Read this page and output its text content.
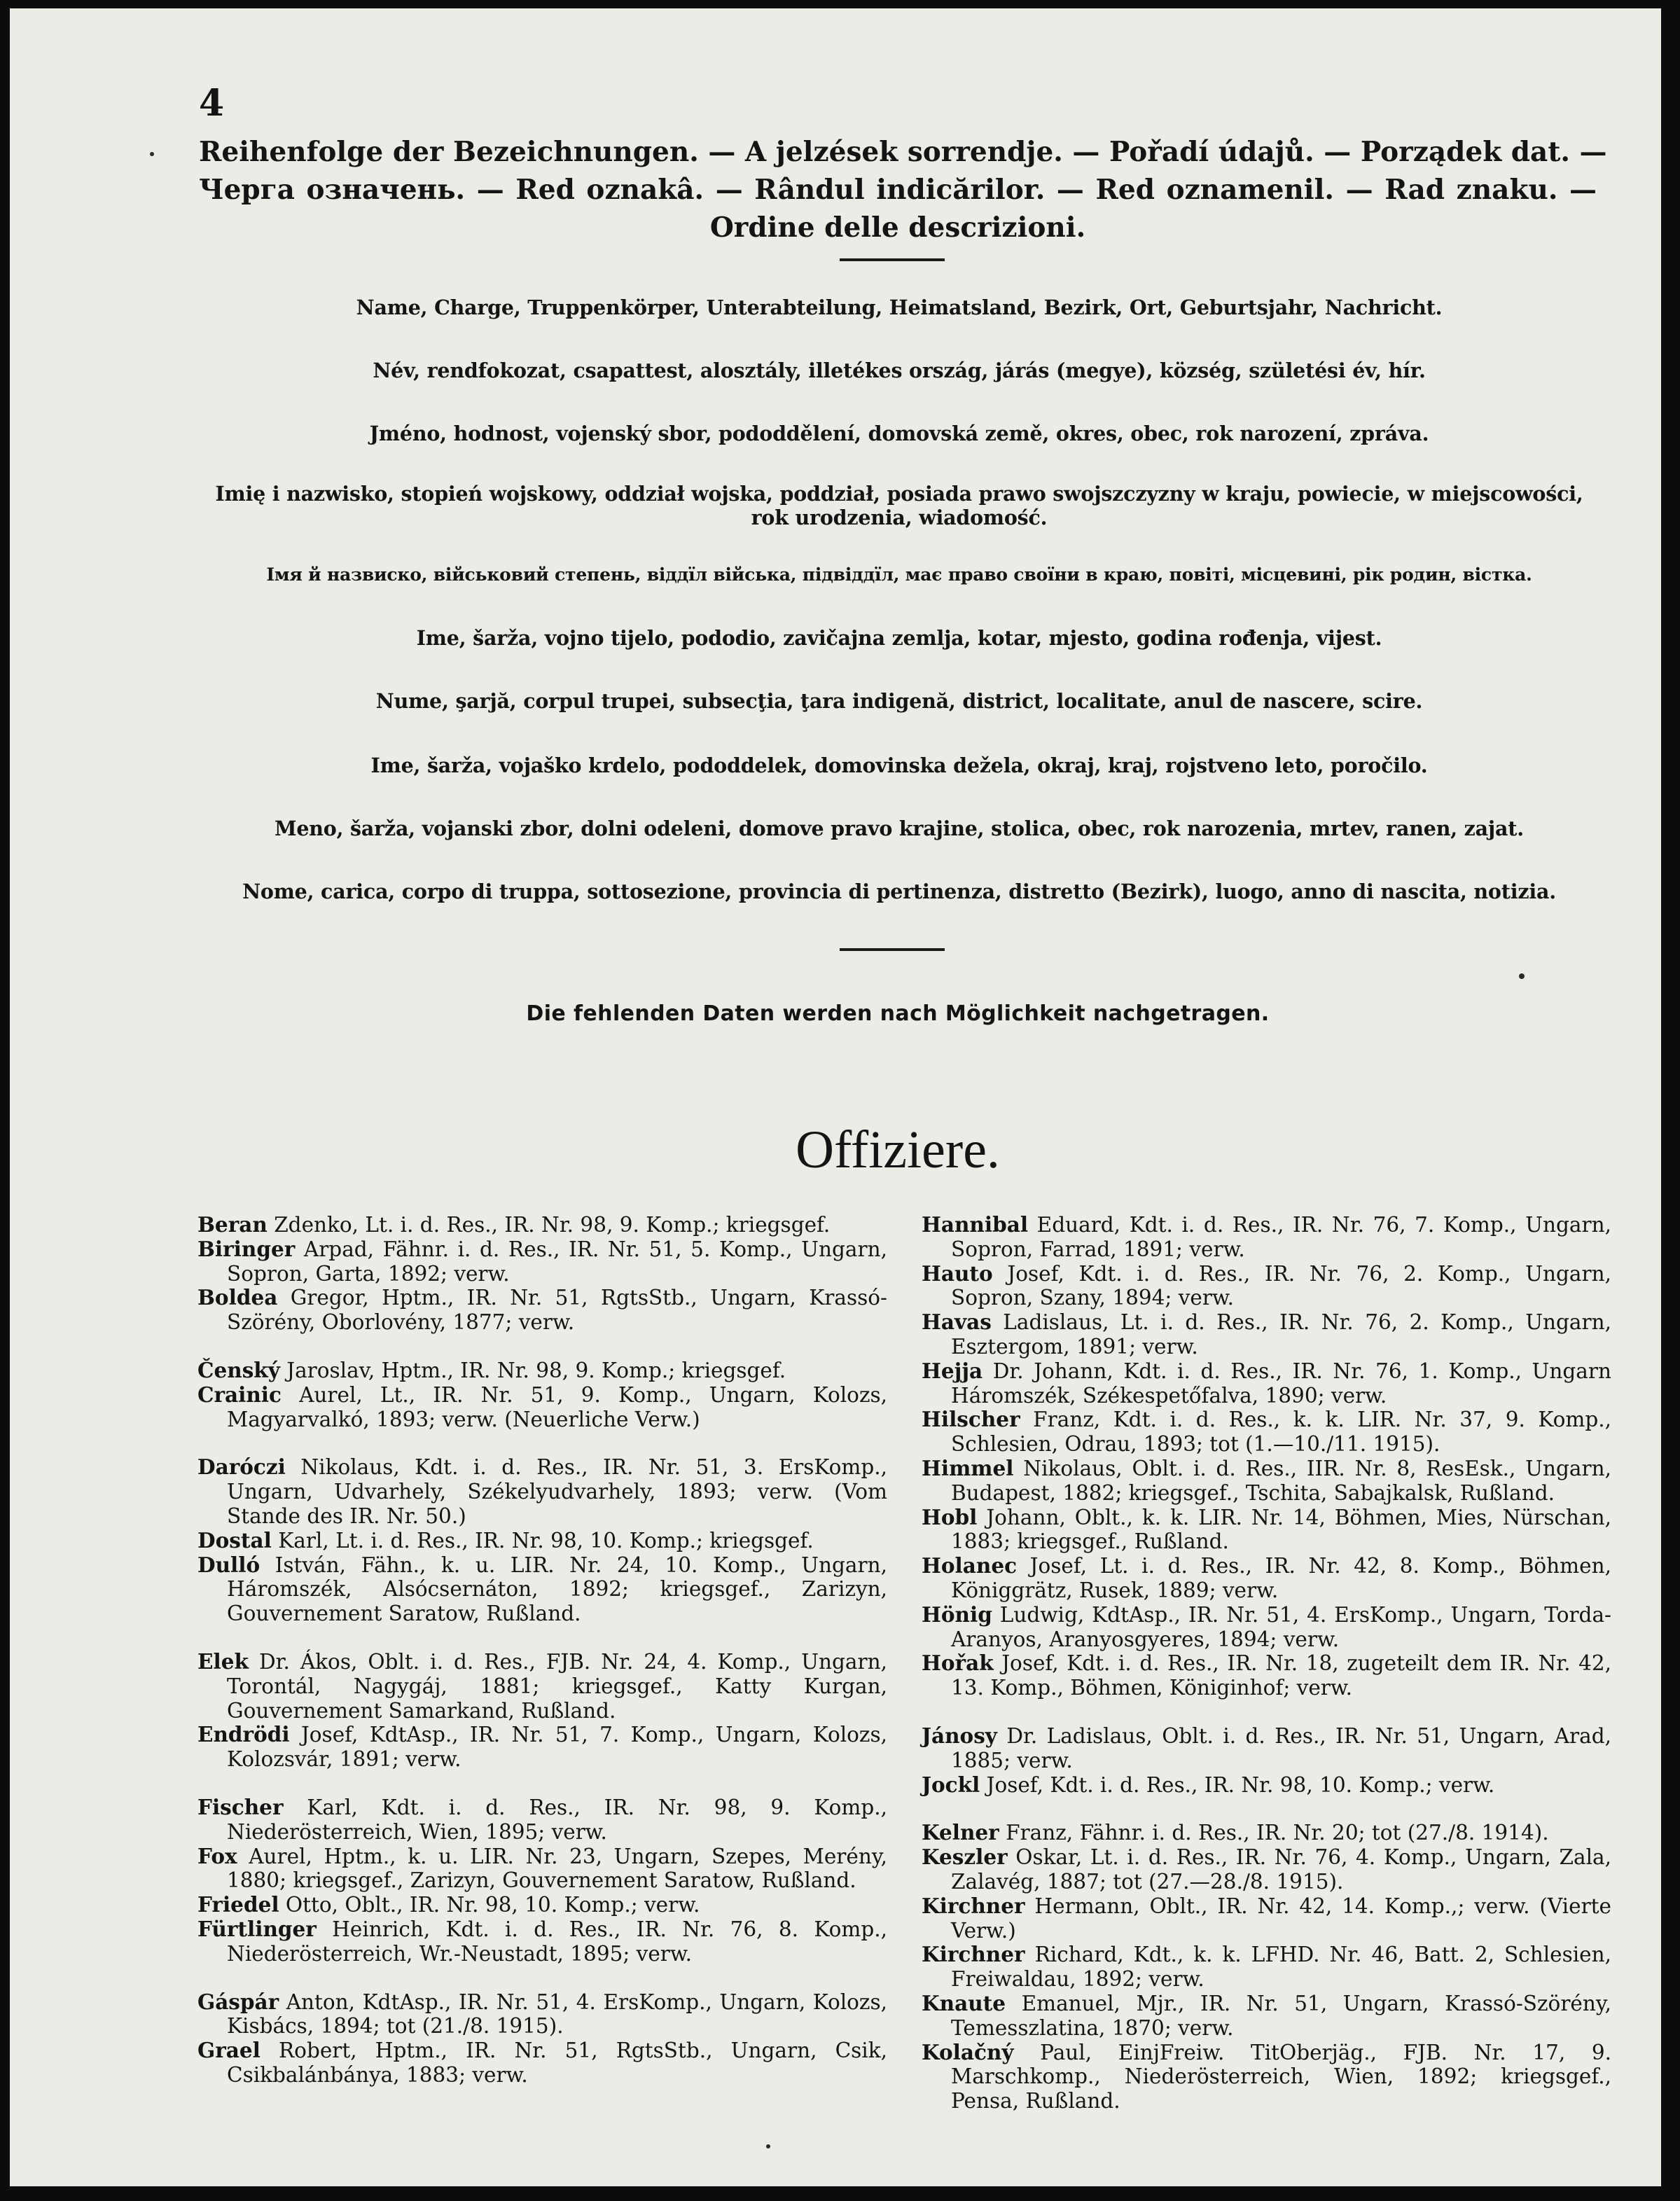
4
Reihenfolge der Bezeichnungen. — A jelzések sorrendje. — Pořadí údajů. — Porządek dat. —
Черга означень. — Red oznakâ. — Rândul indicărilor. — Red oznamenil. — Rad znaku. —
Ordine delle descrizioni.
Name, Charge, Truppenkörper, Unterabteilung, Heimatsland, Bezirk, Ort, Geburtsjahr, Nachricht.
Név, rendfokozat, csapattest, alosztály, illetékes ország, járás (megye), község, születési év, hír.
Jméno, hodnost, vojenský sbor, pododdělení, domovská země, okres, obec, rok narození, zpráva.
Imię i nazwisko, stopień wojskowy, oddział wojska, poddział, posiada prawo swojszczyzny w kraju, powiecie, w miejscowości,
rok urodzenia, wiadomość.
Імя й назвиско, військовий степень, віддїл війська, підвіддїл, має право своїни в краю, повіті, місцевині, рік родин, вістка.
Ime, šarža, vojno tijelo, pododio, zavičajna zemlja, kotar, mjesto, godina rođenja, vijest.
Nume, şarjă, corpul trupei, subsecţia, ţara indigenă, district, localitate, anul de nascere, scire.
Ime, šarža, vojaško krdelo, pododdelek, domovinska dežela, okraj, kraj, rojstveno leto, poročilo.
Meno, šarža, vojanski zbor, dolni odeleni, domove pravo krajine, stolica, obec, rok narozenia, mrtev, ranen, zajat.
Nome, carica, corpo di truppa, sottosezione, provincia di pertinenza, distretto (Bezirk), luogo, anno di nascita, notizia.
Die fehlenden Daten werden nach Möglichkeit nachgetragen.
Offiziere.
Beran Zdenko, Lt. i. d. Res., IR. Nr. 98, 9. Komp.; kriegsgef.
Biringer Arpad, Fähnr. i. d. Res., IR. Nr. 51, 5. Komp., Ungarn, Sopron, Garta, 1892; verw.
Boldea Gregor, Hptm., IR. Nr. 51, RgtsStb., Ungarn, Krassó-Szörény, Oborlovény, 1877; verw.
Čenský Jaroslav, Hptm., IR. Nr. 98, 9. Komp.; kriegsgef.
Crainic Aurel, Lt., IR. Nr. 51, 9. Komp., Ungarn, Kolozs, Magyarvalkó, 1893; verw. (Neuerliche Verw.)
Daróczi Nikolaus, Kdt. i. d. Res., IR. Nr. 51, 3. ErsKomp., Ungarn, Udvarhely, Székelyudvarhely, 1893; verw. (Vom Stande des IR. Nr. 50.)
Dostal Karl, Lt. i. d. Res., IR. Nr. 98, 10. Komp.; kriegsgef.
Dulló István, Fähn., k. u. LIR. Nr. 24, 10. Komp., Ungarn, Háromszék, Alsócsernáton, 1892; kriegsgef., Zarizyn, Gouvernement Saratow, Rußland.
Elek Dr. Ákos, Oblt. i. d. Res., FJB. Nr. 24, 4. Komp., Ungarn, Torontál, Nagygáj, 1881; kriegsgef., Katty Kurgan, Gouvernement Samarkand, Rußland.
Endrödi Josef, KdtAsp., IR. Nr. 51, 7. Komp., Ungarn, Kolozs, Kolozsvár, 1891; verw.
Fischer Karl, Kdt. i. d. Res., IR. Nr. 98, 9. Komp., Niederösterreich, Wien, 1895; verw.
Fox Aurel, Hptm., k. u. LIR. Nr. 23, Ungarn, Szepes, Merény, 1880; kriegsgef., Zarizyn, Gouvernement Saratow, Rußland.
Friedel Otto, Oblt., IR. Nr. 98, 10. Komp.; verw.
Fürtlinger Heinrich, Kdt. i. d. Res., IR. Nr. 76, 8. Komp., Niederösterreich, Wr.-Neustadt, 1895; verw.
Gáspár Anton, KdtAsp., IR. Nr. 51, 4. ErsKomp., Ungarn, Kolozs, Kisbács, 1894; tot (21./8. 1915).
Grael Robert, Hptm., IR. Nr. 51, RgtsStb., Ungarn, Csik, Csikbalánbánya, 1883; verw.
Hannibal Eduard, Kdt. i. d. Res., IR. Nr. 76, 7. Komp., Ungarn, Sopron, Farrad, 1891; verw.
Hauto Josef, Kdt. i. d. Res., IR. Nr. 76, 2. Komp., Ungarn, Sopron, Szany, 1894; verw.
Havas Ladislaus, Lt. i. d. Res., IR. Nr. 76, 2. Komp., Ungarn, Esztergom, 1891; verw.
Hejja Dr. Johann, Kdt. i. d. Res., IR. Nr. 76, 1. Komp., Ungarn Háromszék, Székespetőfalva, 1890; verw.
Hilscher Franz, Kdt. i. d. Res., k. k. LIR. Nr. 37, 9. Komp., Schlesien, Odrau, 1893; tot (1.—10./11. 1915).
Himmel Nikolaus, Oblt. i. d. Res., IIR. Nr. 8, ResEsk., Ungarn, Budapest, 1882; kriegsgef., Tschita, Sabajkalsk, Rußland.
Hobl Johann, Oblt., k. k. LIR. Nr. 14, Böhmen, Mies, Nürschan, 1883; kriegsgef., Rußland.
Holanec Josef, Lt. i. d. Res., IR. Nr. 42, 8. Komp., Böhmen, Königgrätz, Rusek, 1889; verw.
Hönig Ludwig, KdtAsp., IR. Nr. 51, 4. ErsKomp., Ungarn, Torda-Aranyos, Aranyosgyeres, 1894; verw.
Hořak Josef, Kdt. i. d. Res., IR. Nr. 18, zugeteilt dem IR. Nr. 42, 13. Komp., Böhmen, Königinhof; verw.
Jánosy Dr. Ladislaus, Oblt. i. d. Res., IR. Nr. 51, Ungarn, Arad, 1885; verw.
Jockl Josef, Kdt. i. d. Res., IR. Nr. 98, 10. Komp.; verw.
Kelner Franz, Fähnr. i. d. Res., IR. Nr. 20; tot (27./8. 1914).
Keszler Oskar, Lt. i. d. Res., IR. Nr. 76, 4. Komp., Ungarn, Zala, Zalavég, 1887; tot (27.—28./8. 1915).
Kirchner Hermann, Oblt., IR. Nr. 42, 14. Komp.,; verw. (Vierte Verw.)
Kirchner Richard, Kdt., k. k. LFHD. Nr. 46, Batt. 2, Schlesien, Freiwaldau, 1892; verw.
Knaute Emanuel, Mjr., IR. Nr. 51, Ungarn, Krassó-Szörény, Temesszlatina, 1870; verw.
Kolačný Paul, EinjFreiw. TitOberjäg., FJB. Nr. 17, 9. Marschkomp., Niederösterreich, Wien, 1892; kriegsgef., Pensa, Rußland.
